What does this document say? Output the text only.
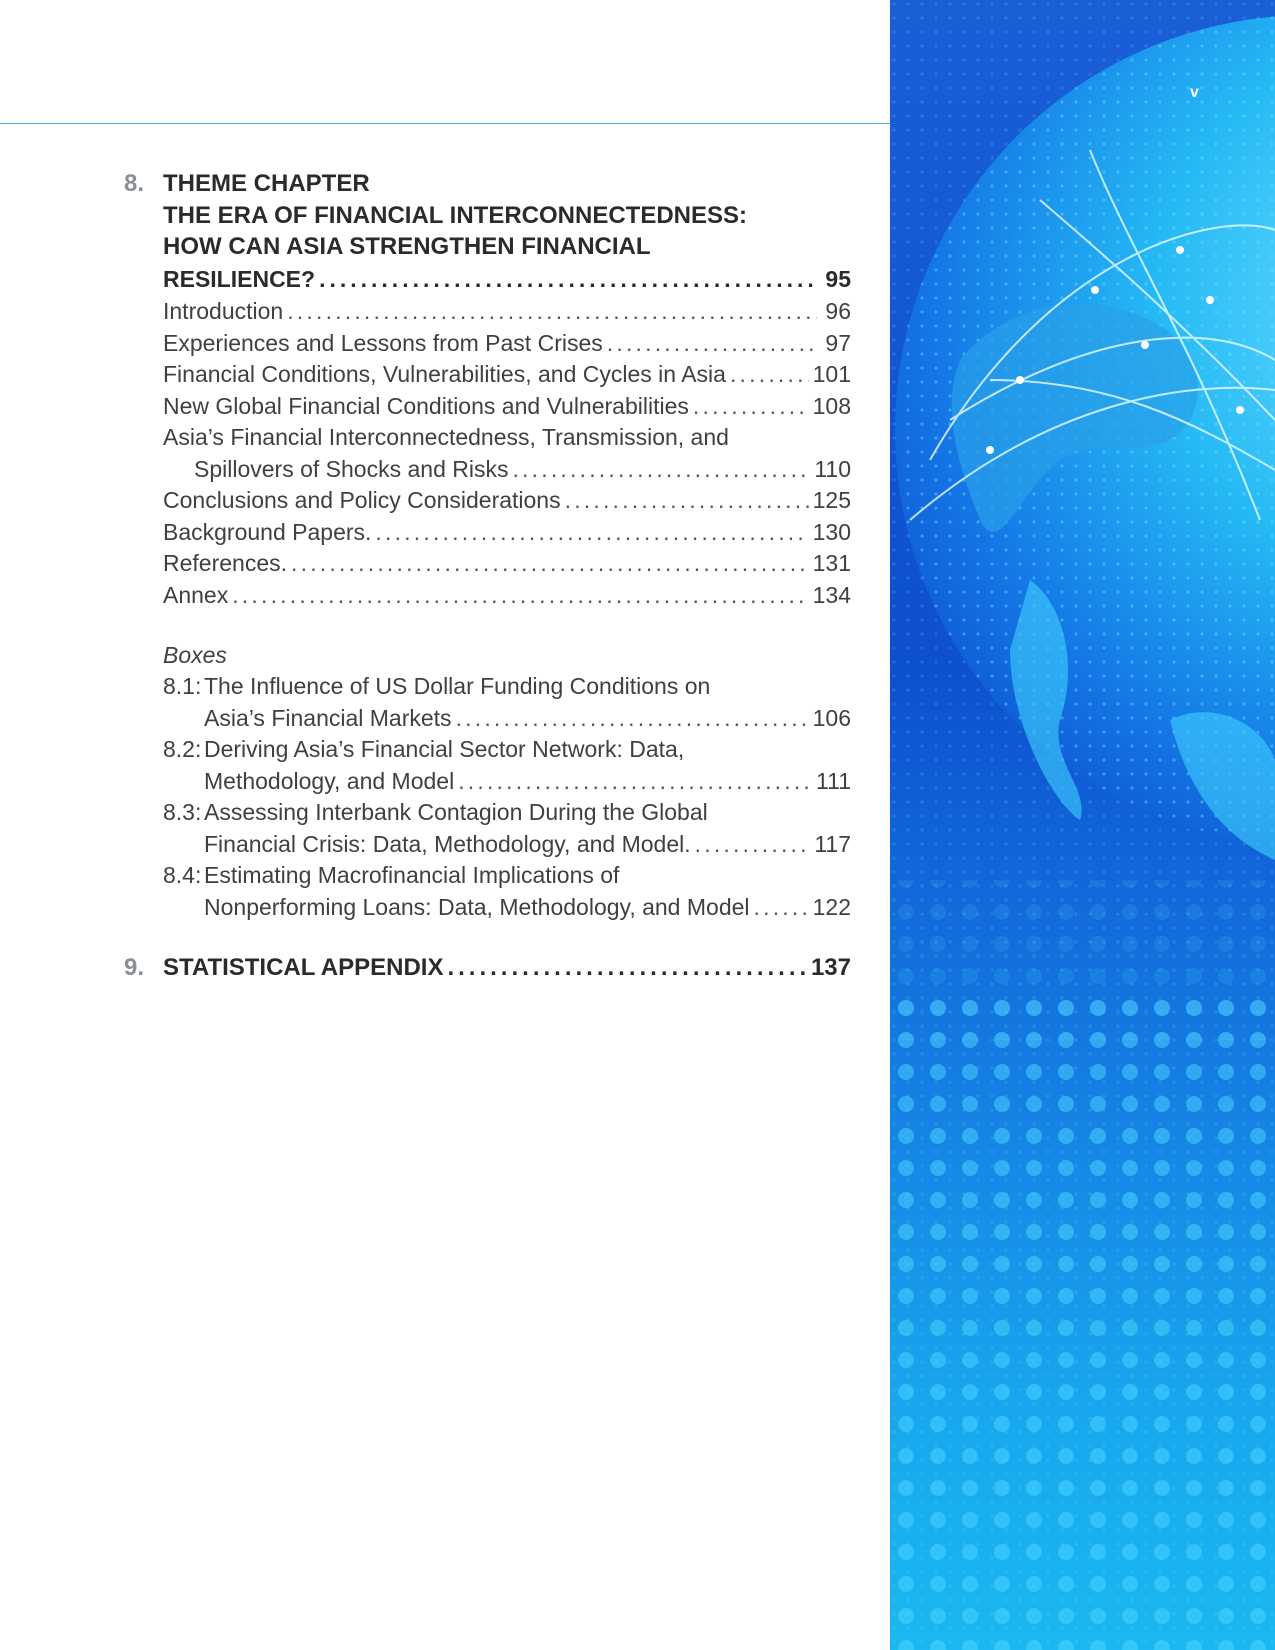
8. THEME CHAPTER
THE ERA OF FINANCIAL INTERCONNECTEDNESS:
HOW CAN ASIA STRENGTHEN FINANCIAL
RESILIENCE? .....	95
Introduction .....	96
Experiences and Lessons from Past Crises .....	97
Financial Conditions, Vulnerabilities, and Cycles in Asia .....	101
New Global Financial Conditions and Vulnerabilities .....	108
Asia’s Financial Interconnectedness, Transmission, and
Spillovers of Shocks and Risks .....	110
Conclusions and Policy Considerations .....	125
Background Papers. .....	130
References. .....	131
Annex .....	134
Boxes
8.1: The Influence of US Dollar Funding Conditions on
Asia’s Financial Markets .....	106
8.2: Deriving Asia’s Financial Sector Network: Data,
Methodology, and Model .....	111
8.3: Assessing Interbank Contagion During the Global
Financial Crisis: Data, Methodology, and Model. .....	117
8.4: Estimating Macrofinancial Implications of
Nonperforming Loans: Data, Methodology, and Model .....	122
9. STATISTICAL APPENDIX .....	137
v
